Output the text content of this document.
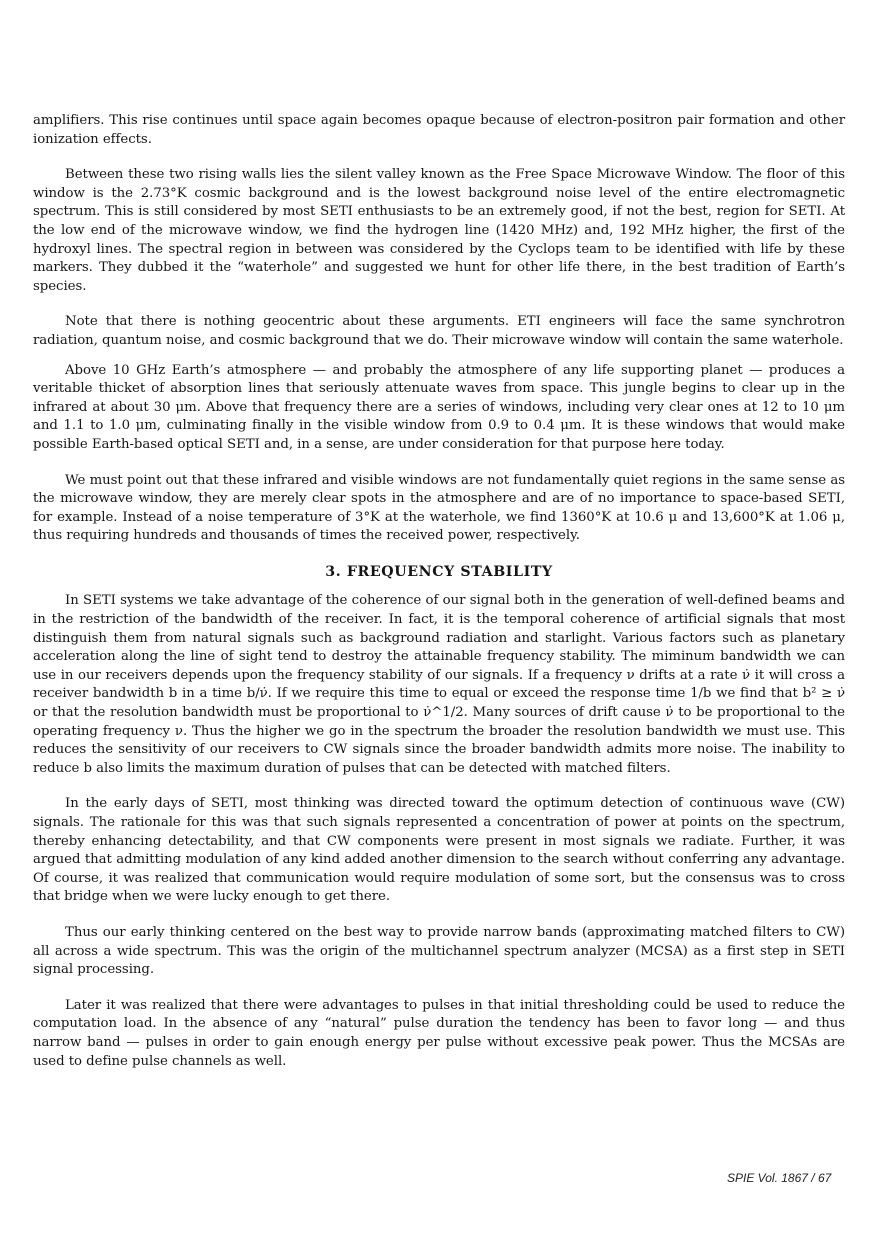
amplifiers. This rise continues until space again becomes opaque because of electron-positron pair formation and other ionization effects.

Between these two rising walls lies the silent valley known as the Free Space Microwave Window. The floor of this window is the 2.73°K cosmic background and is the lowest background noise level of the entire electromagnetic spectrum. This is still considered by most SETI enthusiasts to be an extremely good, if not the best, region for SETI. At the low end of the microwave window, we find the hydrogen line (1420 MHz) and, 192 MHz higher, the first of the hydroxyl lines. The spectral region in between was considered by the Cyclops team to be identified with life by these markers. They dubbed it the “waterhole” and suggested we hunt for other life there, in the best tradition of Earth’s species.

Note that there is nothing geocentric about these arguments. ETI engineers will face the same synchrotron radiation, quantum noise, and cosmic background that we do. Their microwave window will contain the same waterhole.

Above 10 GHz Earth’s atmosphere — and probably the atmosphere of any life supporting planet — produces a veritable thicket of absorption lines that seriously attenuate waves from space. This jungle begins to clear up in the infrared at about 30 μm. Above that frequency there are a series of windows, including very clear ones at 12 to 10 μm and 1.1 to 1.0 μm, culminating finally in the visible window from 0.9 to 0.4 μm. It is these windows that would make possible Earth-based optical SETI and, in a sense, are under consideration for that purpose here today.

We must point out that these infrared and visible windows are not fundamentally quiet regions in the same sense as the microwave window, they are merely clear spots in the atmosphere and are of no importance to space-based SETI, for example. Instead of a noise temperature of 3°K at the waterhole, we find 1360°K at 10.6 μ and 13,600°K at 1.06 μ, thus requiring hundreds and thousands of times the received power, respectively.

3. FREQUENCY STABILITY

In SETI systems we take advantage of the coherence of our signal both in the generation of well-defined beams and in the restriction of the bandwidth of the receiver. In fact, it is the temporal coherence of artificial signals that most distinguish them from natural signals such as background radiation and starlight. Various factors such as planetary acceleration along the line of sight tend to destroy the attainable frequency stability. The miminum bandwidth we can use in our receivers depends upon the frequency stability of our signals. If a frequency ν drifts at a rate ν̇ it will cross a receiver bandwidth b in a time b/ν̇. If we require this time to equal or exceed the response time 1/b we find that b² ≥ ν̇ or that the resolution bandwidth must be proportional to ν̇^1/2. Many sources of drift cause ν̇ to be proportional to the operating frequency ν. Thus the higher we go in the spectrum the broader the resolution bandwidth we must use. This reduces the sensitivity of our receivers to CW signals since the broader bandwidth admits more noise. The inability to reduce b also limits the maximum duration of pulses that can be detected with matched filters.

In the early days of SETI, most thinking was directed toward the optimum detection of continuous wave (CW) signals. The rationale for this was that such signals represented a concentration of power at points on the spectrum, thereby enhancing detectability, and that CW components were present in most signals we radiate. Further, it was argued that admitting modulation of any kind added another dimension to the search without conferring any advantage. Of course, it was realized that communication would require modulation of some sort, but the consensus was to cross that bridge when we were lucky enough to get there.

Thus our early thinking centered on the best way to provide narrow bands (approximating matched filters to CW) all across a wide spectrum. This was the origin of the multichannel spectrum analyzer (MCSA) as a first step in SETI signal processing.

Later it was realized that there were advantages to pulses in that initial thresholding could be used to reduce the computation load. In the absence of any “natural” pulse duration the tendency has been to favor long — and thus narrow band — pulses in order to gain enough energy per pulse without excessive peak power. Thus the MCSAs are used to define pulse channels as well.

SPIE Vol. 1867 / 67
